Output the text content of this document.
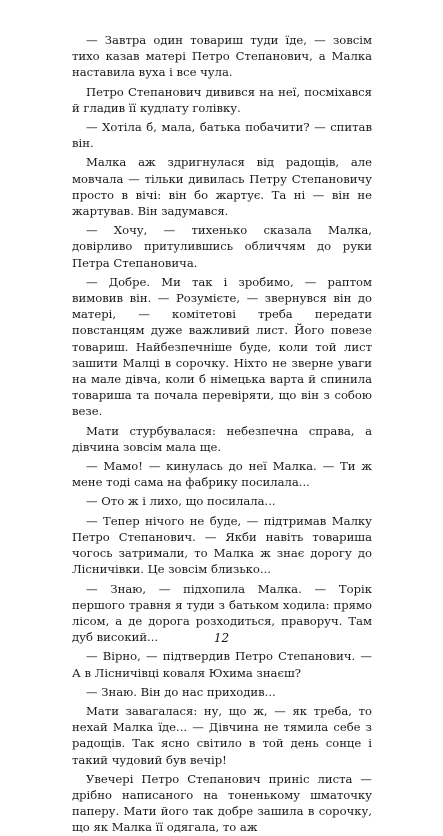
— Завтра один товариш туди їде, — зовсім тихо казав матері Петро Степанович, а Малка наставила вуха і все чула.

Петро Степанович дивився на неї, посміхався й гладив її кудлату голівку.

— Хотіла б, мала, батька побачити? — спитав він.

Малка аж здригнулася від радощів, але мовчала — тільки дивилась Петру Степановичу просто в вічі: він бо жартує. Та ні — він не жартував. Він задумався.

— Хочу, — тихенько сказала Малка, довірливо притулившись обличчям до руки Петра Степановича.

— Добре. Ми так і зробимо, — раптом вимовив він. — Розумієте, — звернувся він до матері, — комітетові треба передати повстанцям дуже важливий лист. Його повезе товариш. Найбезпечніше буде, коли той лист зашити Малці в сорочку. Ніхто не зверне уваги на мале дівча, коли б німецька варта й спинила товариша та почала перевіряти, що він з собою везе.

Мати стурбувалася: небезпечна справа, а дівчина зовсім мала ще.

— Мамо! — кинулась до неї Малка. — Ти ж мене тоді сама на фабрику посилала...

— Ото ж і лихо, що посилала...

— Тепер нічого не буде, — підтримав Малку Петро Степанович. — Якби навіть товариша чогось затримали, то Малка ж знає дорогу до Лісничівки. Це зовсім близько...

— Знаю, — підхопила Малка. — Торік першого травня я туди з батьком ходила: прямо лісом, а де дорога розходиться, праворуч. Там дуб високий...

— Вірно, — підтвердив Петро Степанович. — А в Лісничівці коваля Юхима знаєш?

— Знаю. Він до нас приходив...

Мати завагалася: ну, що ж, — як треба, то нехай Малка їде... — Дівчина не тямила себе з радощів. Так ясно світило в той день сонце і такий чудовий був вечір!

Увечері Петро Степанович приніс листа — дрібно написаного на тоненькому шматочку паперу. Мати його так добре зашила в сорочку, що як Малка її одягала, то аж

12
